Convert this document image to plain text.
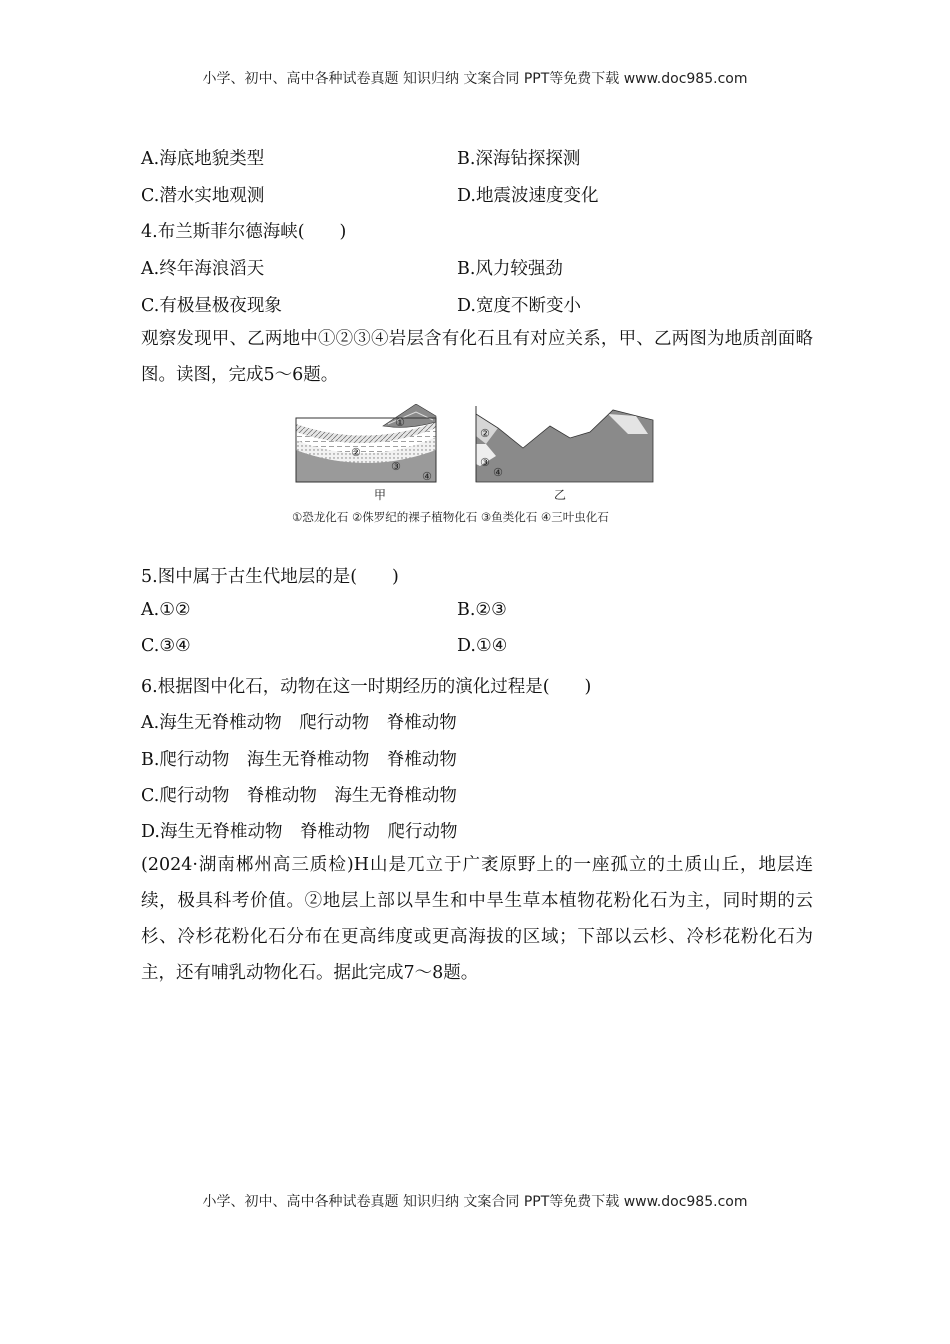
小学、初中、高中各种试卷真题 知识归纳 文案合同 PPT等免费下载 www.doc985.com
A.海底地貌类型	B.深海钻探探测
C.潜水实地观测	D.地震波速度变化
4.布兰斯菲尔德海峡(　　)
A.终年海浪滔天	B.风力较强劲
C.有极昼极夜现象	D.宽度不断变小
观察发现甲、乙两地中①②③④岩层含有化石且有对应关系，甲、乙两图为地质剖面略图。读图，完成5～6题。
①
②
③
④
②
③
④
甲	乙
①恐龙化石 ②侏罗纪的裸子植物化石 ③鱼类化石 ④三叶虫化石
5.图中属于古生代地层的是(　　)
A.①②	B.②③
C.③④	D.①④
6.根据图中化石，动物在这一时期经历的演化过程是(　　)
A.海生无脊椎动物　爬行动物　脊椎动物
B.爬行动物　海生无脊椎动物　脊椎动物
C.爬行动物　脊椎动物　海生无脊椎动物
D.海生无脊椎动物　脊椎动物　爬行动物
(2024·湖南郴州高三质检)H山是兀立于广袤原野上的一座孤立的土质山丘，地层连续，极具科考价值。②地层上部以旱生和中旱生草本植物花粉化石为主，同时期的云杉、冷杉花粉化石分布在更高纬度或更高海拔的区域；下部以云杉、冷杉花粉化石为主，还有哺乳动物化石。据此完成7～8题。
小学、初中、高中各种试卷真题 知识归纳 文案合同 PPT等免费下载 www.doc985.com
